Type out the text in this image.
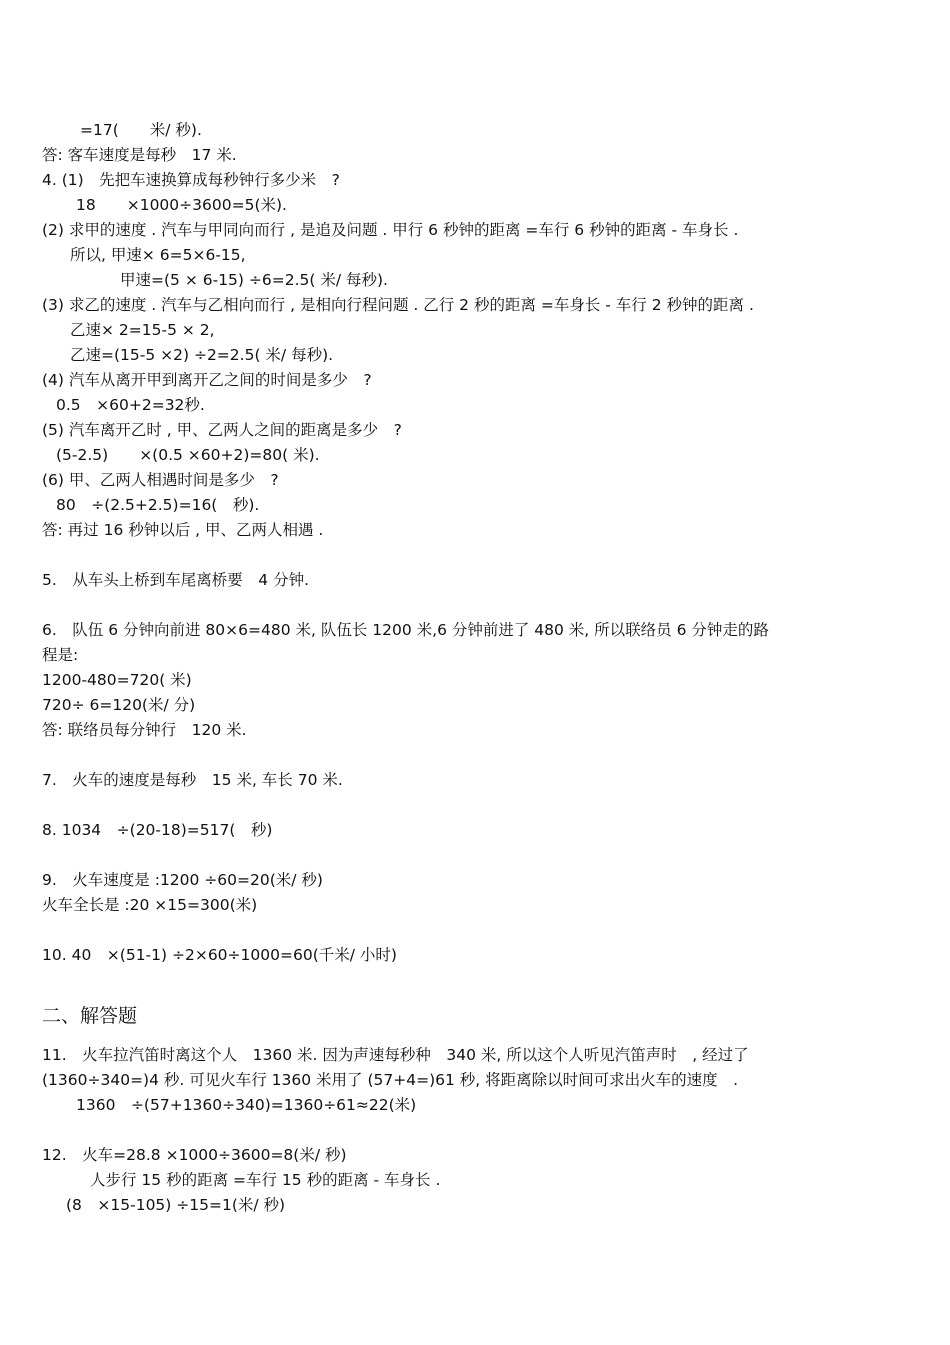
=17(　　米/ 秒).
答: 客车速度是每秒　17 米.
4. (1)　先把车速换算成每秒钟行多少米　?
18　　×1000÷3600=5(米).
(2) 求甲的速度 . 汽车与甲同向而行 , 是追及问题 . 甲行 6 秒钟的距离 =车行 6 秒钟的距离 - 车身长 .
所以, 甲速× 6=5×6-15,
甲速=(5 × 6-15) ÷6=2.5( 米/ 每秒).
(3) 求乙的速度 . 汽车与乙相向而行 , 是相向行程问题 . 乙行 2 秒的距离 =车身长 - 车行 2 秒钟的距离 .
乙速× 2=15-5 × 2,
乙速=(15-5 ×2) ÷2=2.5( 米/ 每秒).
(4) 汽车从离开甲到离开乙之间的时间是多少　?
0.5　×60+2=32秒.
(5) 汽车离开乙时 , 甲、乙两人之间的距离是多少　?
(5-2.5)　　×(0.5 ×60+2)=80( 米).
(6) 甲、乙两人相遇时间是多少　?
80　÷(2.5+2.5)=16(　秒).
答: 再过 16 秒钟以后 , 甲、乙两人相遇 .
5.　从车头上桥到车尾离桥要　4 分钟.
6.　队伍 6 分钟向前进 80×6=480 米, 队伍长 1200 米,6 分钟前进了 480 米, 所以联络员 6 分钟走的路
程是:
1200-480=720( 米)
720÷ 6=120(米/ 分)
答: 联络员每分钟行　120 米.
7.　火车的速度是每秒　15 米, 车长 70 米.
8. 1034　÷(20-18)=517(　秒)
9.　火车速度是 :1200 ÷60=20(米/ 秒)
火车全长是 :20 ×15=300(米)
10. 40　×(51-1) ÷2×60÷1000=60(千米/ 小时)
二、解答题
11.　火车拉汽笛时离这个人　1360 米. 因为声速每秒种　340 米, 所以这个人听见汽笛声时　, 经过了
(1360÷340=)4 秒. 可见火车行 1360 米用了 (57+4=)61 秒, 将距离除以时间可求出火车的速度　.
1360　÷(57+1360÷340)=1360÷61≈22(米)
12.　火车=28.8 ×1000÷3600=8(米/ 秒)
人步行 15 秒的距离 =车行 15 秒的距离 - 车身长 .
(8　×15-105) ÷15=1(米/ 秒)
